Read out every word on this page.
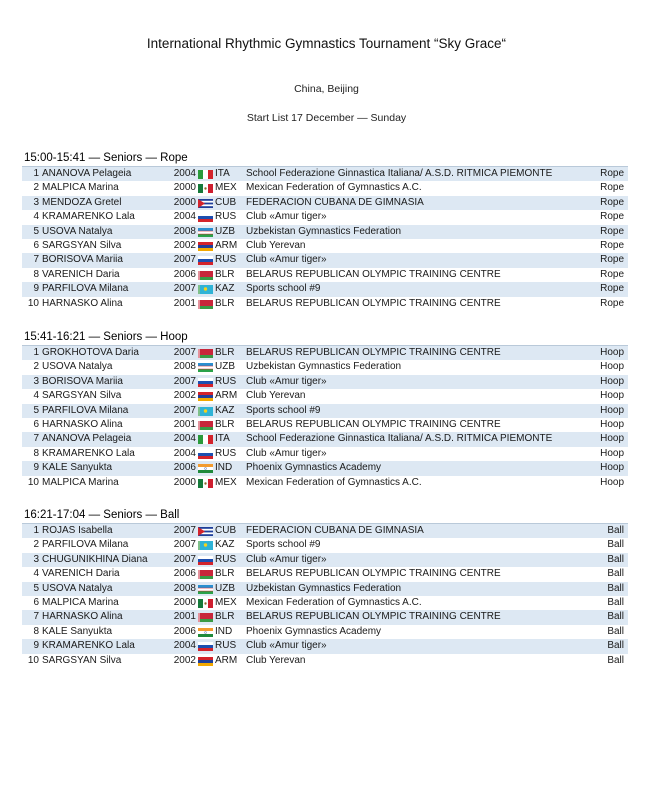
International Rhythmic Gymnastics Tournament “Sky Grace“
China, Beijing
Start List 17 December — Sunday
15:00-15:41 — Seniors — Rope
1 ANANOVA Pelageia	2004 ITA School Federazione Ginnastica Italiana/ A.S.D. RITMICA PIEMONTE	Rope
2 MALPICA Marina	2000 MEX Mexican Federation of Gymnastics A.C.	Rope
3 MENDOZA Gretel	2000 CUB FEDERACION CUBANA DE GIMNASIA	Rope
4 KRAMARENKO Lala	2004 RUS Club «Amur tiger»	Rope
5 USOVA Natalya	2008 UZB Uzbekistan Gymnastics Federation	Rope
6 SARGSYAN Silva	2002 ARM Club Yerevan	Rope
7 BORISOVA Mariia	2007 RUS Club «Amur tiger»	Rope
8 VARENICH Daria	2006 BLR BELARUS REPUBLICAN OLYMPIC TRAINING CENTRE	Rope
9 PARFILOVA Milana	2007 KAZ Sports school #9	Rope
10 HARNASKO Alina	2001 BLR BELARUS REPUBLICAN OLYMPIC TRAINING CENTRE	Rope
15:41-16:21 — Seniors — Hoop
1 GROKHOTOVA Daria	2007 BLR BELARUS REPUBLICAN OLYMPIC TRAINING CENTRE	Hoop
2 USOVA Natalya	2008 UZB Uzbekistan Gymnastics Federation	Hoop
3 BORISOVA Mariia	2007 RUS Club «Amur tiger»	Hoop
4 SARGSYAN Silva	2002 ARM Club Yerevan	Hoop
5 PARFILOVA Milana	2007 KAZ Sports school #9	Hoop
6 HARNASKO Alina	2001 BLR BELARUS REPUBLICAN OLYMPIC TRAINING CENTRE	Hoop
7 ANANOVA Pelageia	2004 ITA School Federazione Ginnastica Italiana/ A.S.D. RITMICA PIEMONTE	Hoop
8 KRAMARENKO Lala	2004 RUS Club «Amur tiger»	Hoop
9 KALE Sanyukta	2006 IND Phoenix Gymnastics Academy	Hoop
10 MALPICA Marina	2000 MEX Mexican Federation of Gymnastics A.C.	Hoop
16:21-17:04 — Seniors — Ball
1 ROJAS Isabella	2007 CUB FEDERACION CUBANA DE GIMNASIA	Ball
2 PARFILOVA Milana	2007 KAZ Sports school #9	Ball
3 CHUGUNIKHINA Diana	2007 RUS Club «Amur tiger»	Ball
4 VARENICH Daria	2006 BLR BELARUS REPUBLICAN OLYMPIC TRAINING CENTRE	Ball
5 USOVA Natalya	2008 UZB Uzbekistan Gymnastics Federation	Ball
6 MALPICA Marina	2000 MEX Mexican Federation of Gymnastics A.C.	Ball
7 HARNASKO Alina	2001 BLR BELARUS REPUBLICAN OLYMPIC TRAINING CENTRE	Ball
8 KALE Sanyukta	2006 IND Phoenix Gymnastics Academy	Ball
9 KRAMARENKO Lala	2004 RUS Club «Amur tiger»	Ball
10 SARGSYAN Silva	2002 ARM Club Yerevan	Ball
